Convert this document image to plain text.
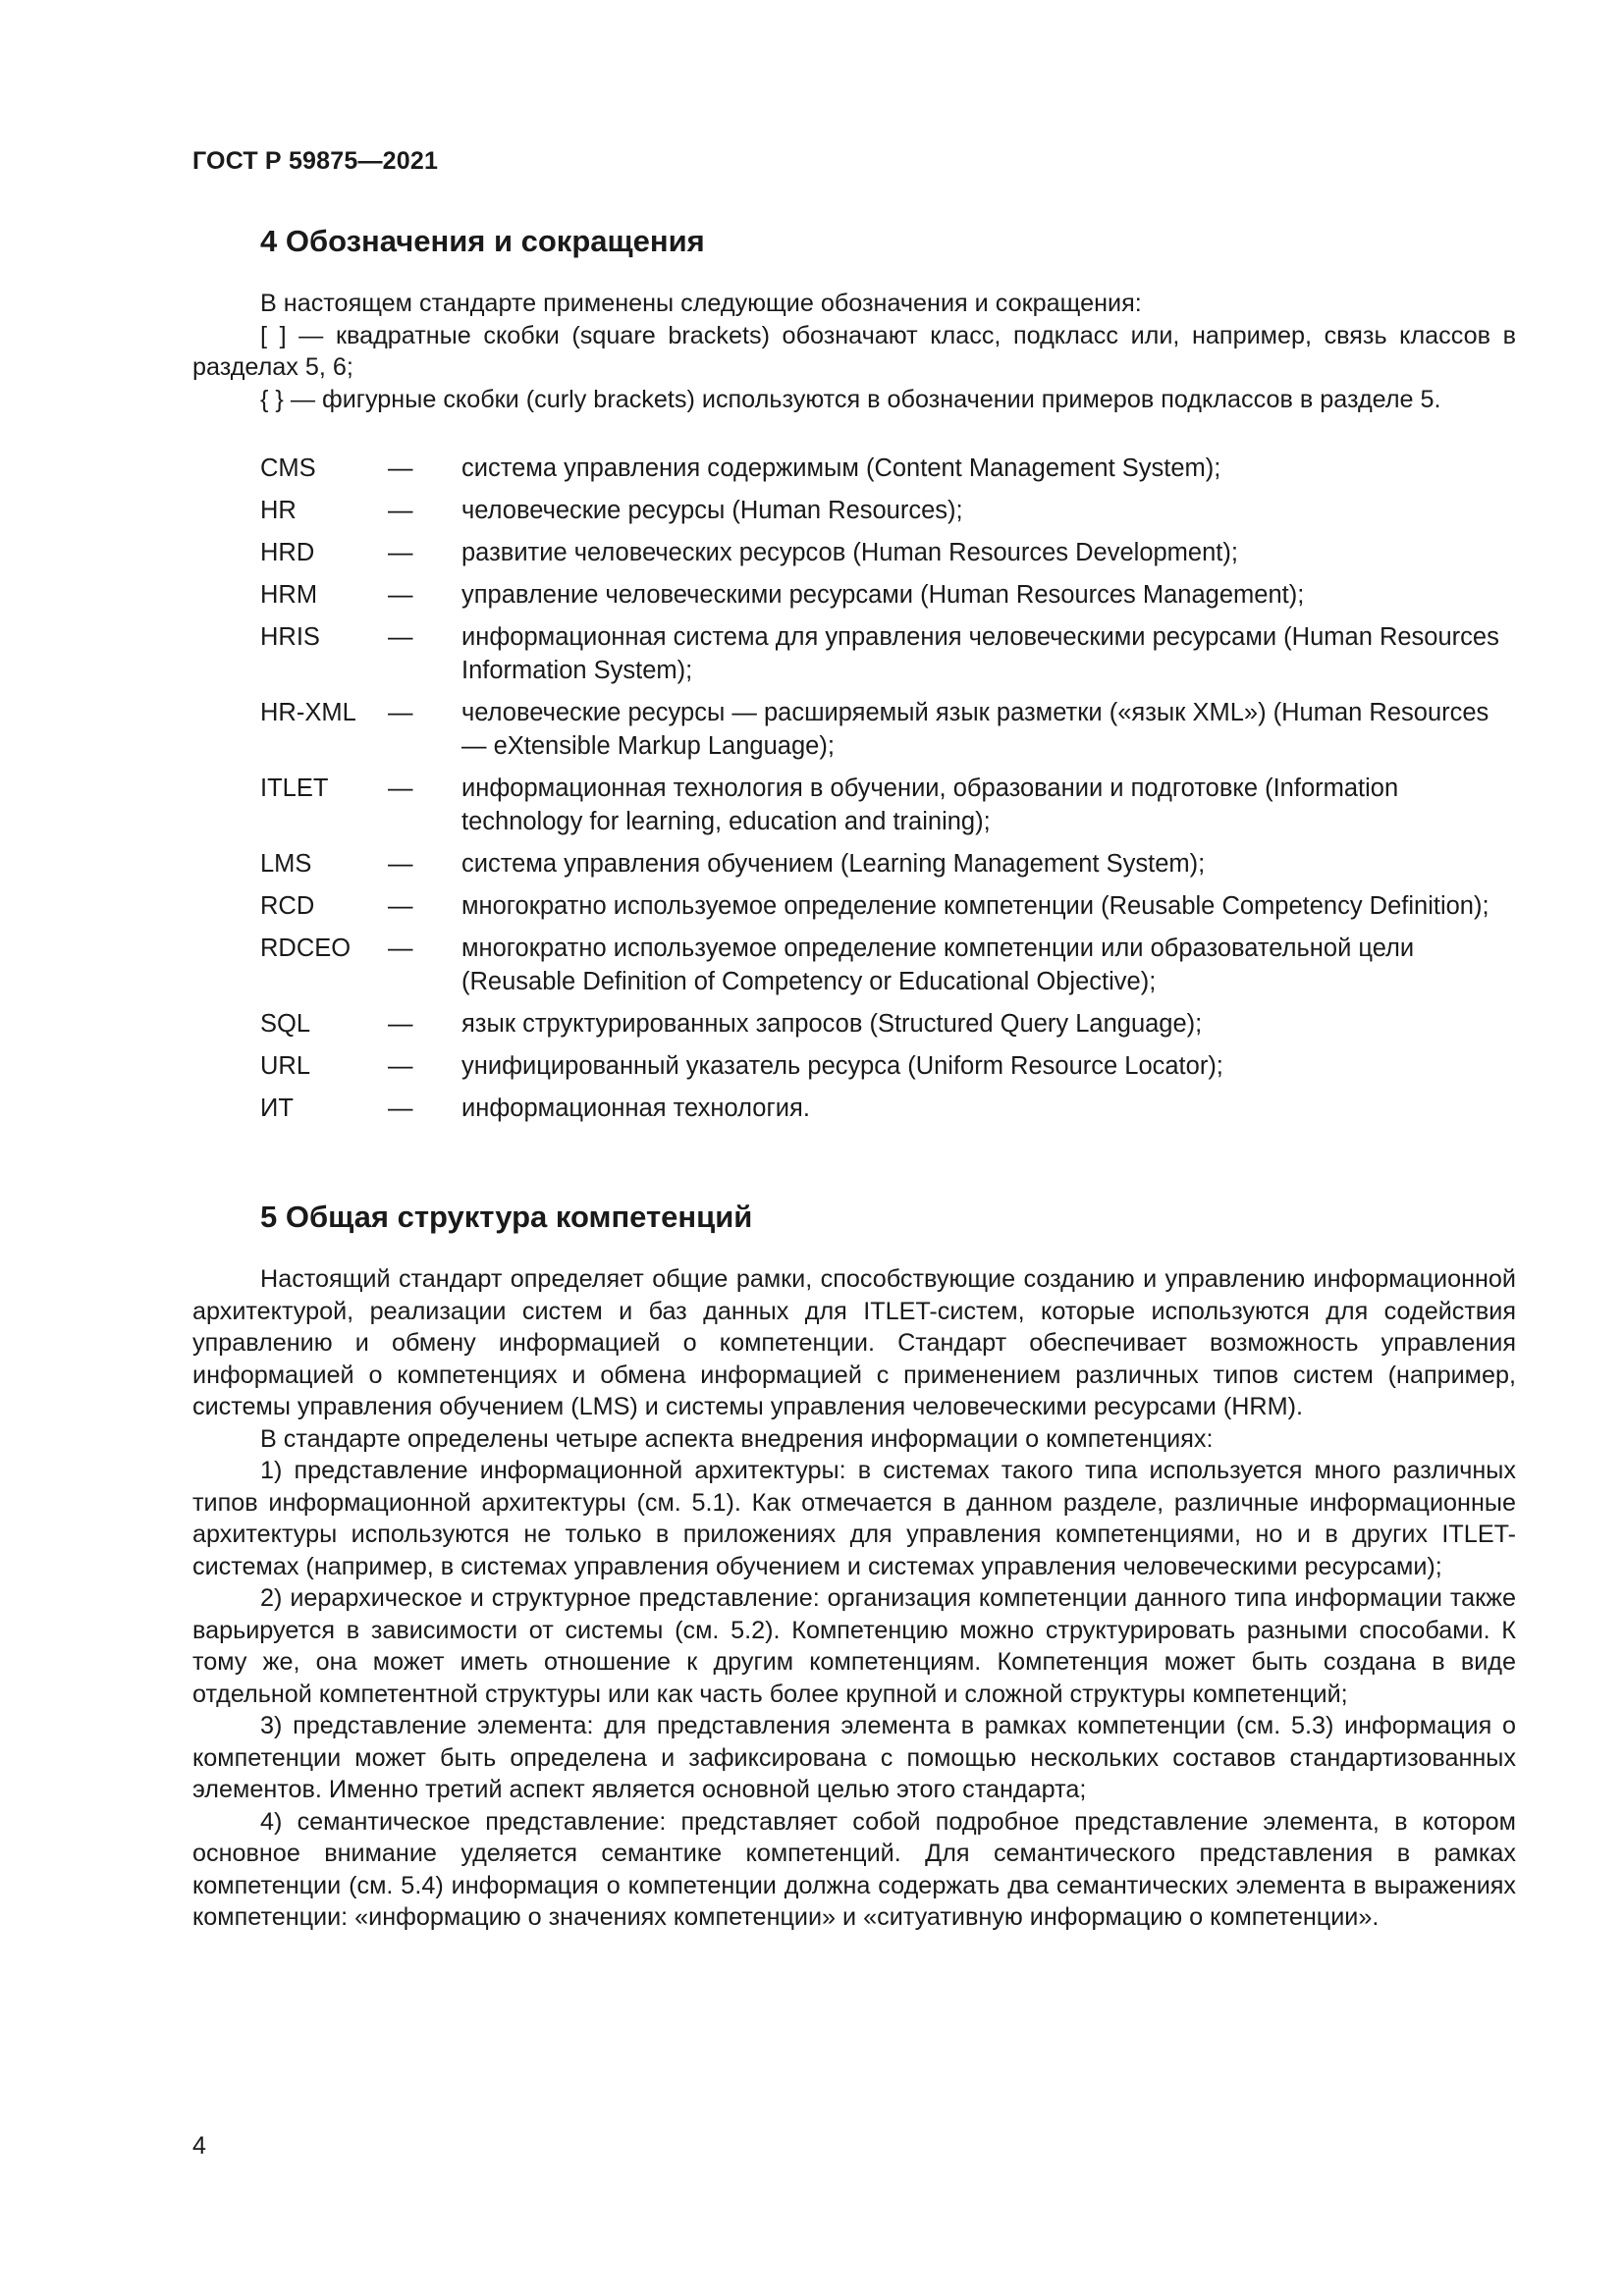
ГОСТ Р 59875—2021
4 Обозначения и сокращения

В настоящем стандарте применены следующие обозначения и сокращения:

[ ] — квадратные скобки (square brackets) обозначают класс, подкласс или, например, связь классов в разделах 5, 6;

{ } — фигурные скобки (curly brackets) используются в обозначении примеров подклассов в разделе 5.

CMS	—	система управления содержимым (Content Management System);
HR	—	человеческие ресурсы (Human Resources);
HRD	—	развитие человеческих ресурсов (Human Resources Development);
HRM	—	управление человеческими ресурсами (Human Resources Management);
HRIS	—	информационная система для управления человеческими ресурсами (Human Resources Information System);
HR-XML	—	человеческие ресурсы — расширяемый язык разметки («язык XML») (Human Resources — eXtensible Markup Language);
ITLET	—	информационная технология в обучении, образовании и подготовке (Information technology for learning, education and training);
LMS	—	система управления обучением (Learning Management System);
RCD	—	многократно используемое определение компетенции (Reusable Competency Definition);
RDCEO	—	многократно используемое определение компетенции или образовательной цели (Reusable Definition of Competency or Educational Objective);
SQL	—	язык структурированных запросов (Structured Query Language);
URL	—	унифицированный указатель ресурса (Uniform Resource Locator);
ИТ	—	информационная технология.
5 Общая структура компетенций

Настоящий стандарт определяет общие рамки, способствующие созданию и управлению информационной архитектурой, реализации систем и баз данных для ITLET-систем, которые используются для содействия управлению и обмену информацией о компетенции. Стандарт обеспечивает возможность управления информацией о компетенциях и обмена информацией с применением различных типов систем (например, системы управления обучением (LMS) и системы управления человеческими ресурсами (HRM).

В стандарте определены четыре аспекта внедрения информации о компетенциях:

1) представление информационной архитектуры: в системах такого типа используется много различных типов информационной архитектуры (см. 5.1). Как отмечается в данном разделе, различные информационные архитектуры используются не только в приложениях для управления компетенциями, но и в других ITLET-системах (например, в системах управления обучением и системах управления человеческими ресурсами);

2) иерархическое и структурное представление: организация компетенции данного типа информации также варьируется в зависимости от системы (см. 5.2). Компетенцию можно структурировать разными способами. К тому же, она может иметь отношение к другим компетенциям. Компетенция может быть создана в виде отдельной компетентной структуры или как часть более крупной и сложной структуры компетенций;

3) представление элемента: для представления элемента в рамках компетенции (см. 5.3) информация о компетенции может быть определена и зафиксирована с помощью нескольких составов стандартизованных элементов. Именно третий аспект является основной целью этого стандарта;

4) семантическое представление: представляет собой подробное представление элемента, в котором основное внимание уделяется семантике компетенций. Для семантического представления в рамках компетенции (см. 5.4) информация о компетенции должна содержать два семантических элемента в выражениях компетенции: «информацию о значениях компетенции» и «ситуативную информацию о компетенции».

4
